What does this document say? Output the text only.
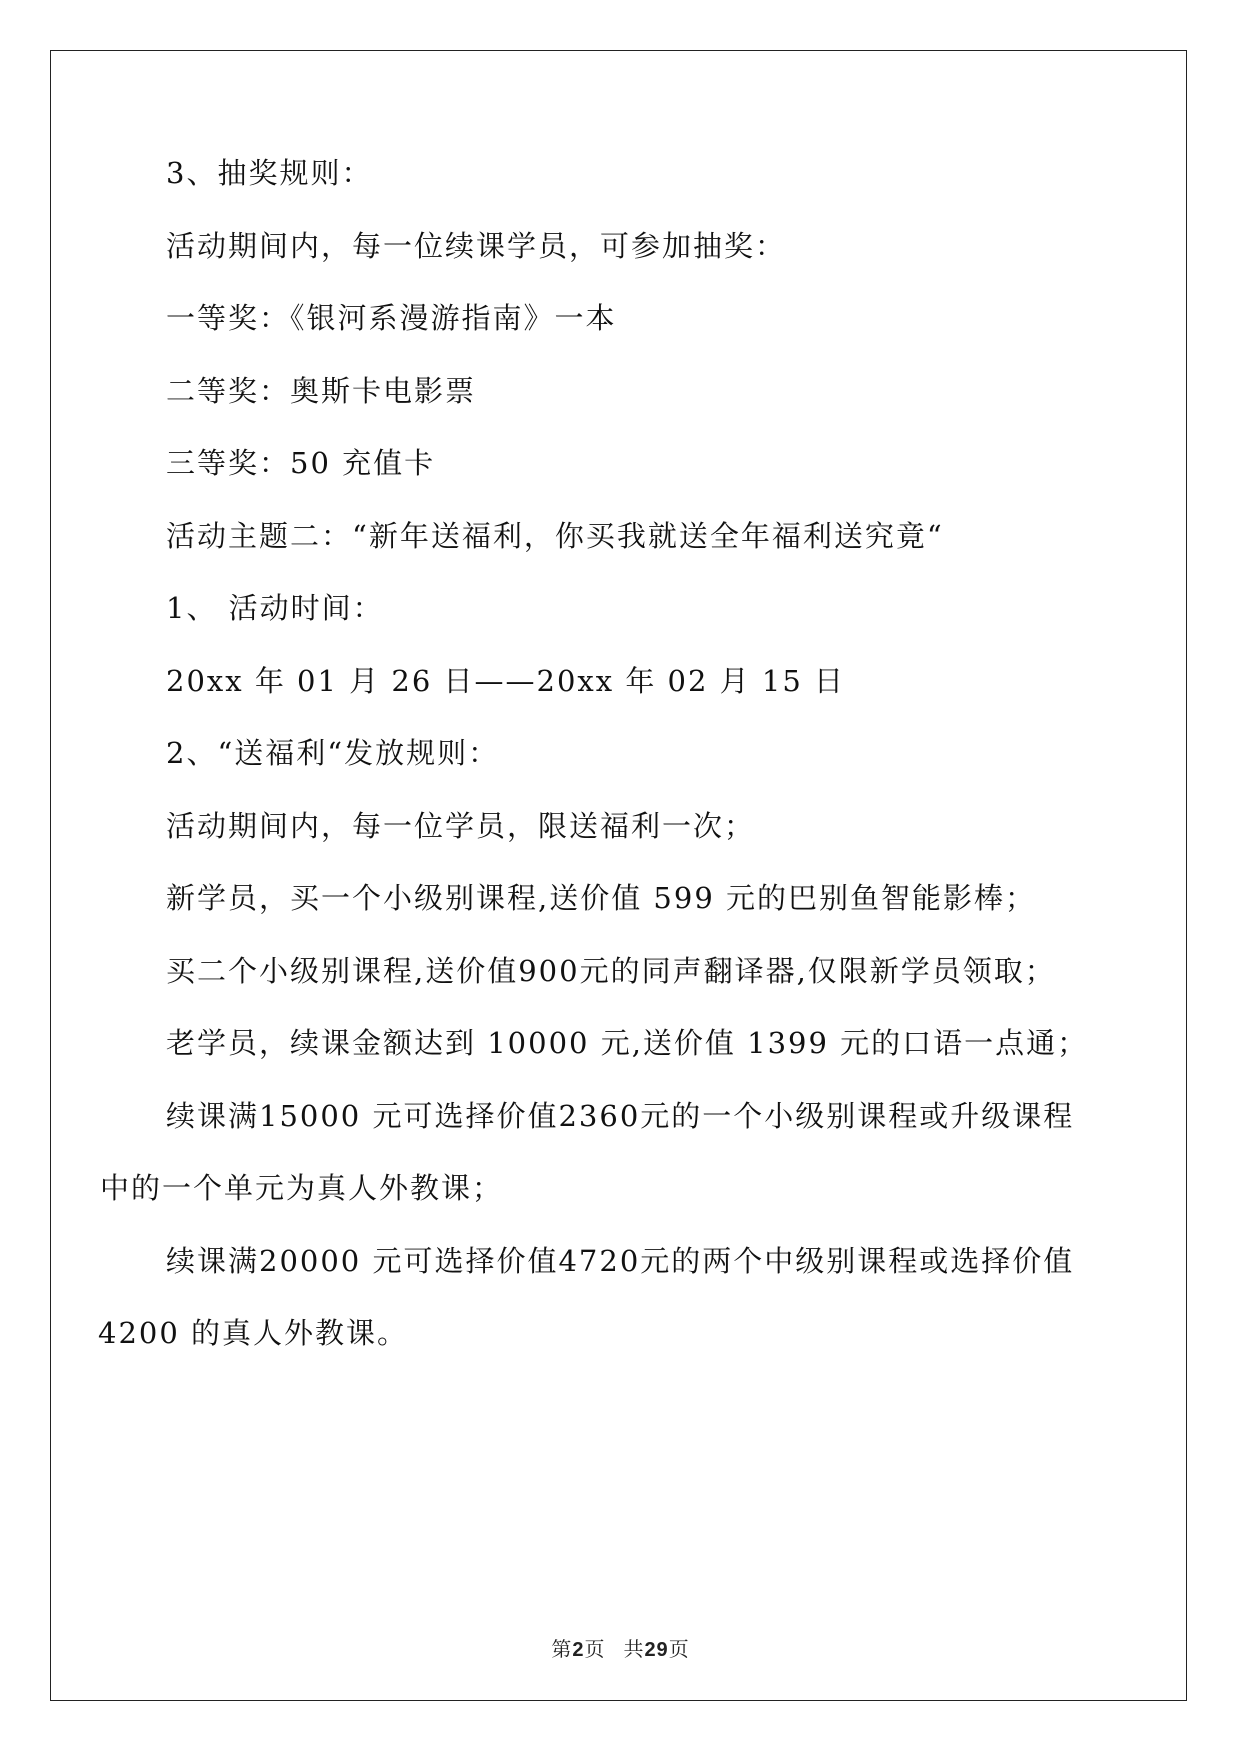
3、抽奖规则：
活动期间内，每一位续课学员，可参加抽奖：
一等奖：《银河系漫游指南》一本
二等奖：奥斯卡电影票
三等奖：50 充值卡
活动主题二：“新年送福利，你买我就送全年福利送究竟“
1、 活动时间：
20xx 年 01 月 26 日——20xx 年 02 月 15 日
2、“送福利“发放规则：
活动期间内，每一位学员，限送福利一次；
新学员，买一个小级别课程,送价值 599 元的巴别鱼智能影棒；
买二个小级别课程,送价值900元的同声翻译器,仅限新学员领取；
老学员，续课金额达到 10000 元,送价值 1399 元的口语一点通；
续课满15000 元可选择价值2360元的一个小级别课程或升级课程
中的一个单元为真人外教课；
续课满20000 元可选择价值4720元的两个中级别课程或选择价值
4200 的真人外教课。
第2页 共29页
